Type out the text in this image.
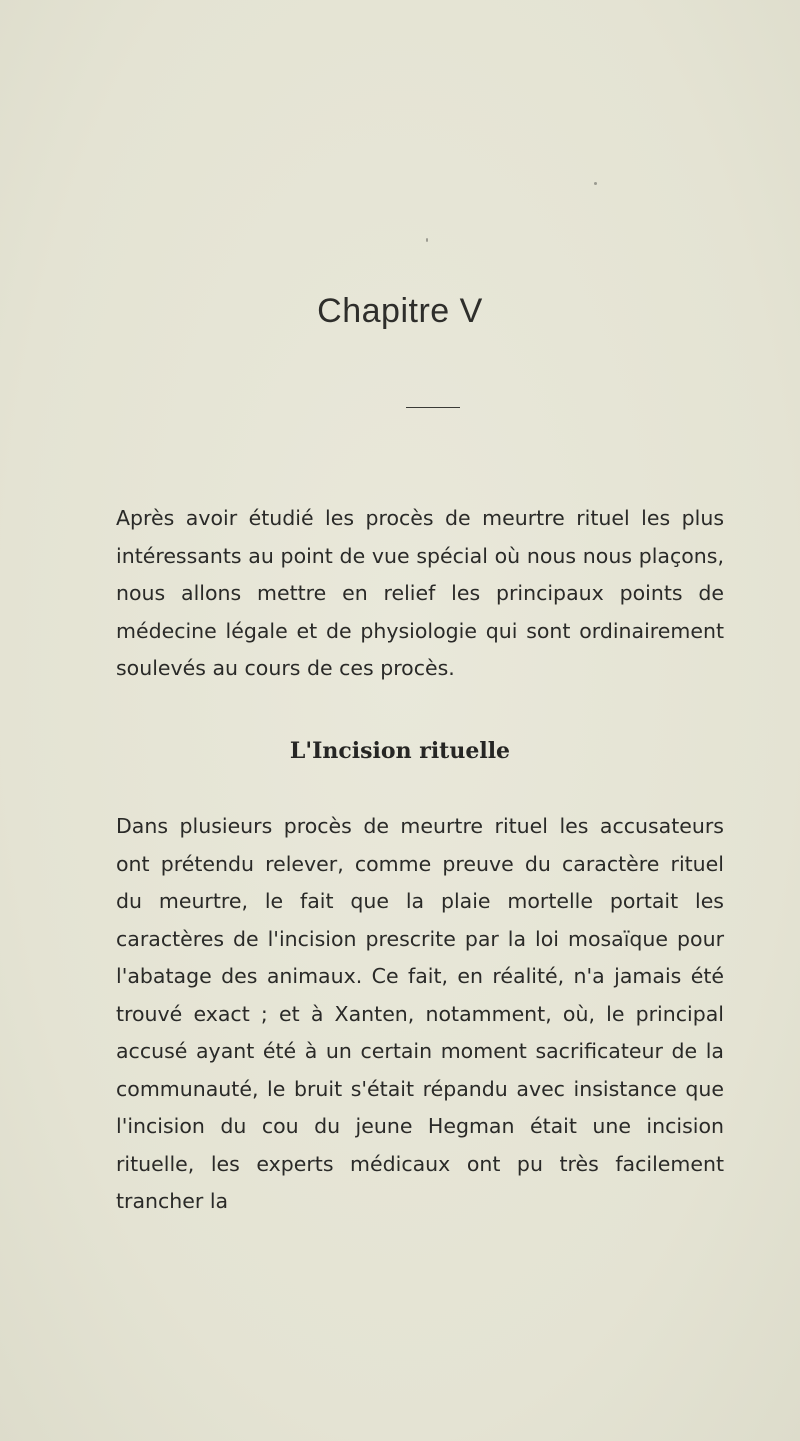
Chapitre V

Après avoir étudié les procès de meurtre rituel les plus intéressants au point de vue spécial où nous nous plaçons, nous allons mettre en relief les principaux points de médecine légale et de physiologie qui sont ordinairement soulevés au cours de ces procès.

L'Incision rituelle

Dans plusieurs procès de meurtre rituel les accusateurs ont prétendu relever, comme preuve du caractère rituel du meurtre, le fait que la plaie mortelle portait les caractères de l'incision prescrite par la loi mosaïque pour l'abatage des animaux. Ce fait, en réalité, n'a jamais été trouvé exact ; et à Xanten, notamment, où, le principal accusé ayant été à un certain moment sacrificateur de la communauté, le bruit s'était répandu avec insistance que l'incision du cou du jeune Hegman était une incision rituelle, les experts médicaux ont pu très facilement trancher la
